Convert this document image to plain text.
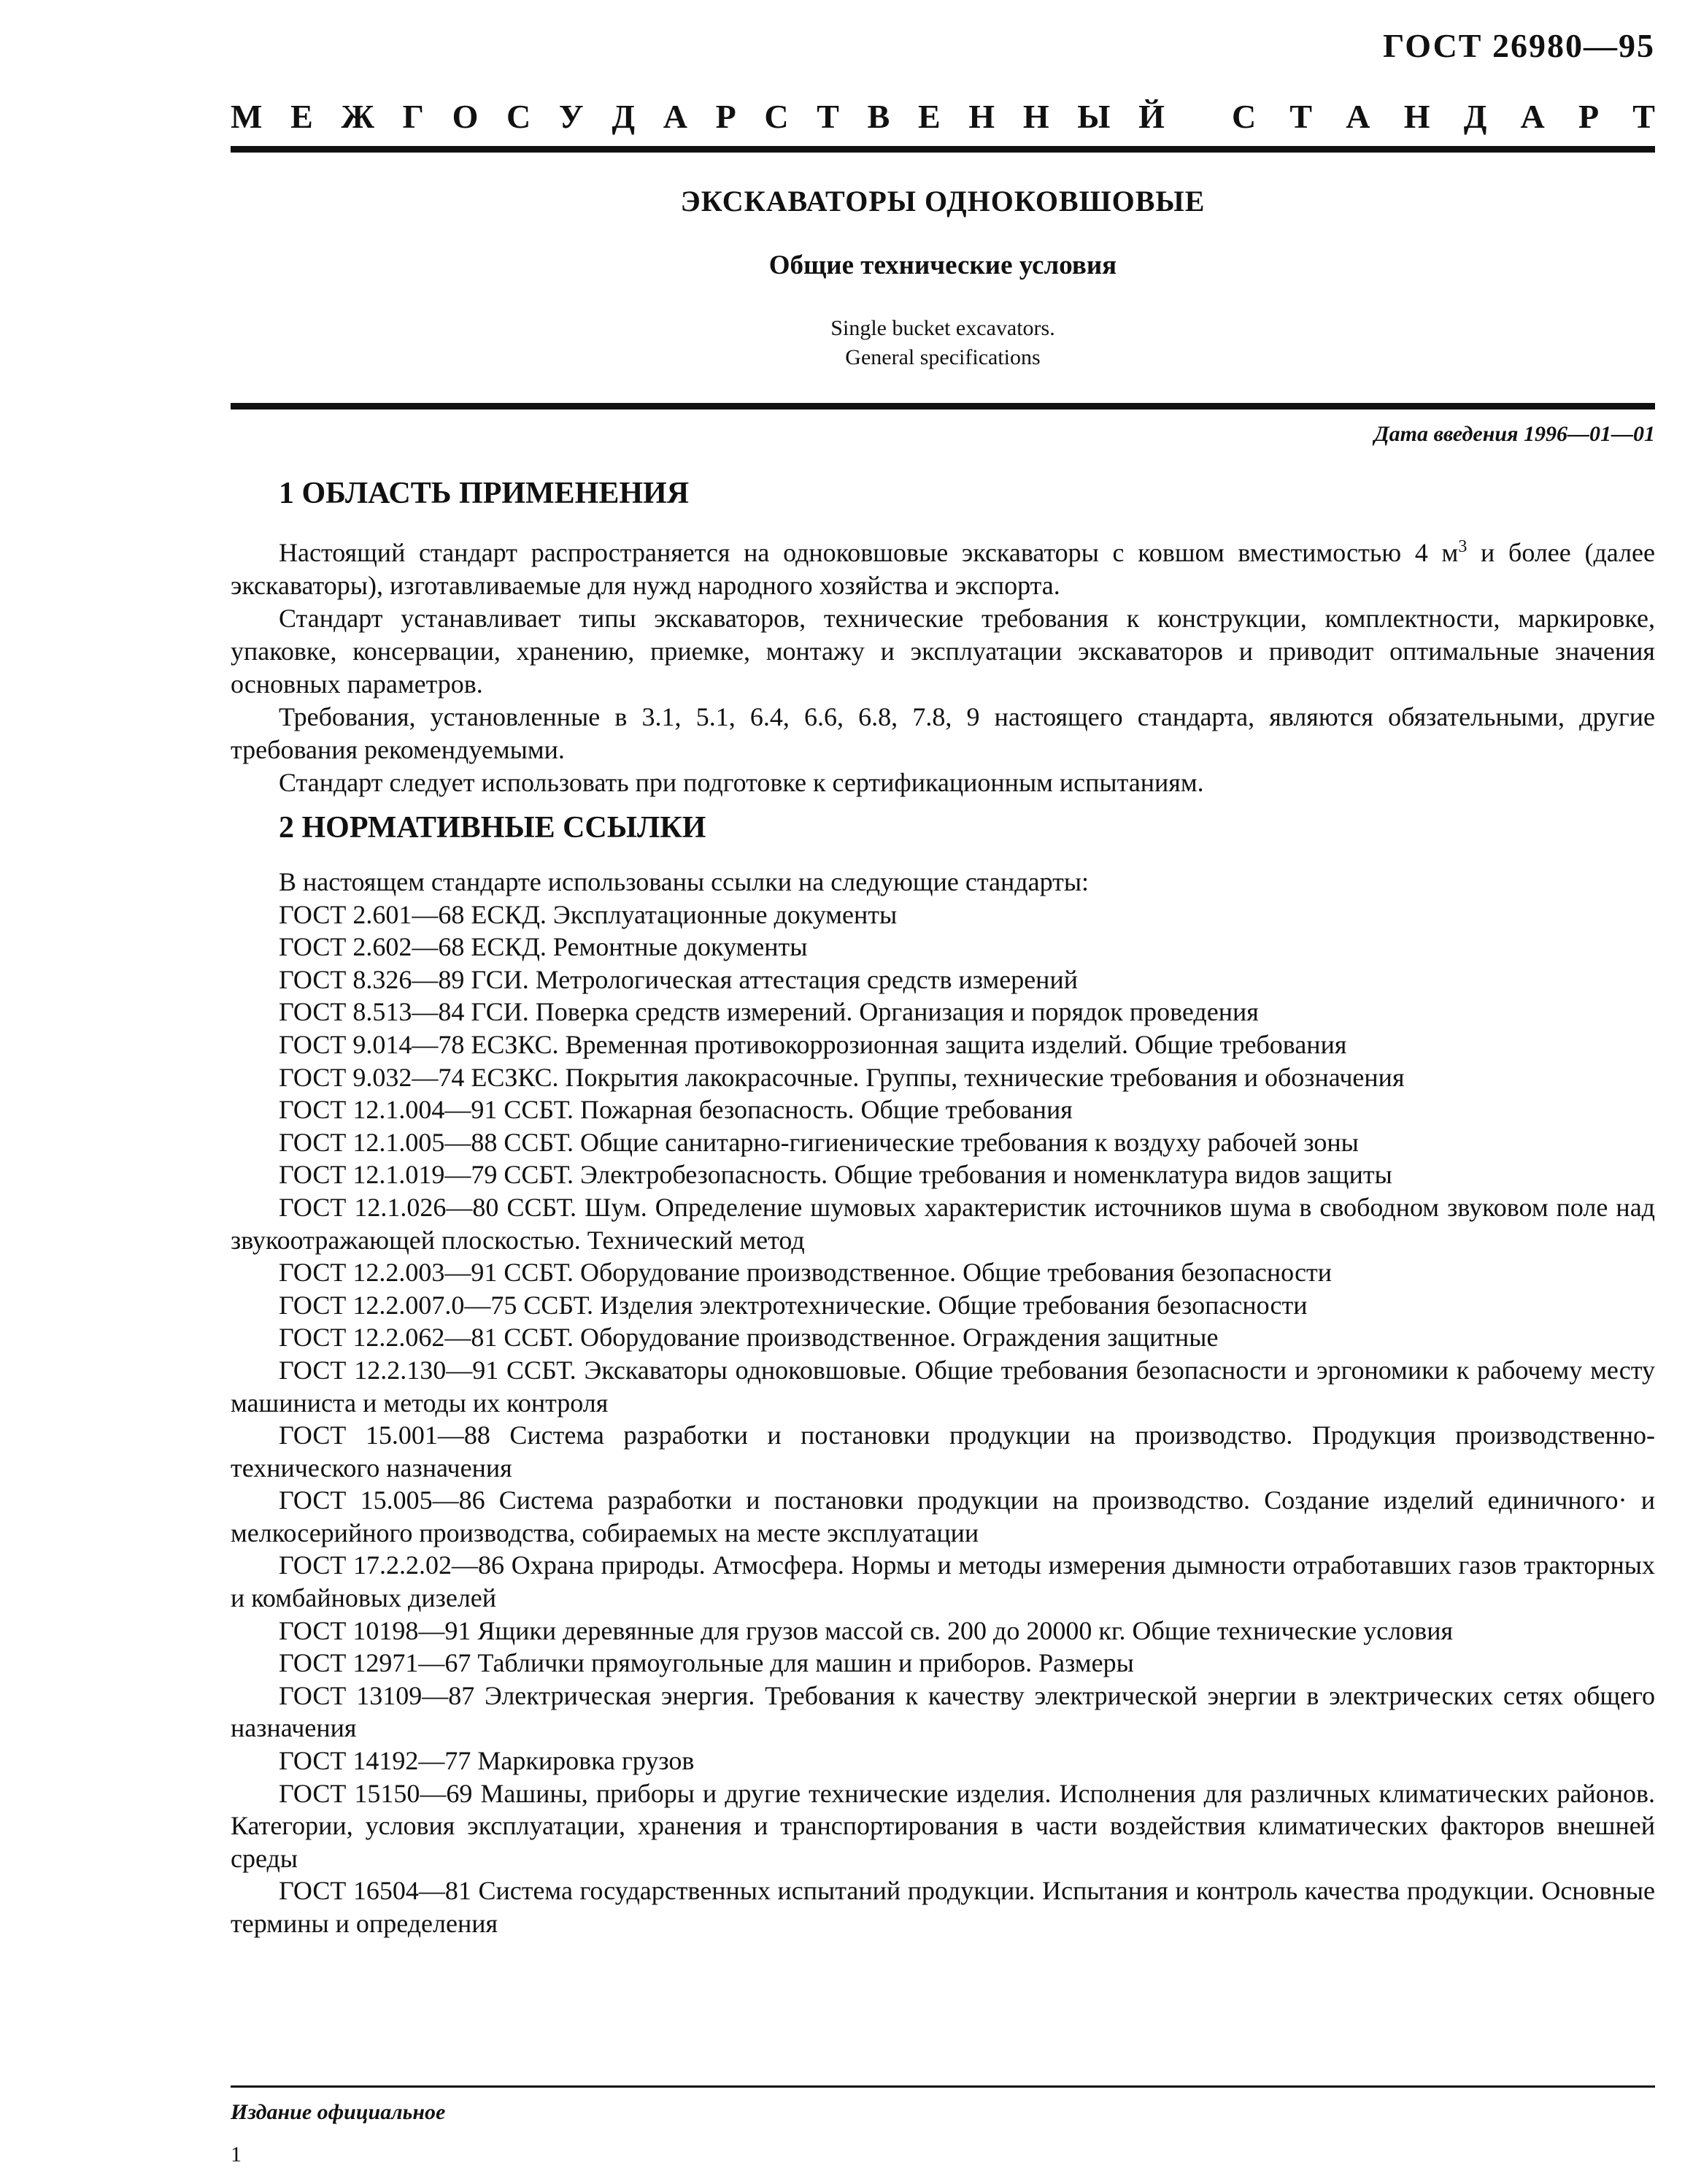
ГОСТ 26980—95
М Е Ж Г О С У Д А Р С Т В Е Н Н Ы Й С Т А Н Д А Р Т
ЭКСКАВАТОРЫ ОДНОКОВШОВЫЕ
Общие технические условия
Single bucket excavators.
General specifications
Дата введения 1996—01—01
1 ОБЛАСТЬ ПРИМЕНЕНИЯ

Настоящий стандарт распространяется на одноковшовые экскаваторы с ковшом вместимостью 4 $м^3$ и более (далее экскаваторы), изготавливаемые для нужд народного хозяйства и экспорта.

Стандарт устанавливает типы экскаваторов, технические требования к конструкции, комплектности, маркировке, упаковке, консервации, хранению, приемке, монтажу и эксплуатации экскаваторов и приводит оптимальные значения основных параметров.

Требования, установленные в 3.1, 5.1, 6.4, 6.6, 6.8, 7.8, 9 настоящего стандарта, являются обязательными, другие требования рекомендуемыми.

Стандарт следует использовать при подготовке к сертификационным испытаниям.

2 НОРМАТИВНЫЕ ССЫЛКИ

В настоящем стандарте использованы ссылки на следующие стандарты:

ГОСТ 2.601—68 ЕСКД. Эксплуатационные документы

ГОСТ 2.602—68 ЕСКД. Ремонтные документы

ГОСТ 8.326—89 ГСИ. Метрологическая аттестация средств измерений

ГОСТ 8.513—84 ГСИ. Поверка средств измерений. Организация и порядок проведения

ГОСТ 9.014—78 ЕСЗКС. Временная противокоррозионная защита изделий. Общие требования

ГОСТ 9.032—74 ЕСЗКС. Покрытия лакокрасочные. Группы, технические требования и обозначения

ГОСТ 12.1.004—91 ССБТ. Пожарная безопасность. Общие требования

ГОСТ 12.1.005—88 ССБТ. Общие санитарно-гигиенические требования к воздуху рабочей зоны

ГОСТ 12.1.019—79 ССБТ. Электробезопасность. Общие требования и номенклатура видов защиты

ГОСТ 12.1.026—80 ССБТ. Шум. Определение шумовых характеристик источников шума в свободном звуковом поле над звукоотражающей плоскостью. Технический метод

ГОСТ 12.2.003—91 ССБТ. Оборудование производственное. Общие требования безопасности

ГОСТ 12.2.007.0—75 ССБТ. Изделия электротехнические. Общие требования безопасности

ГОСТ 12.2.062—81 ССБТ. Оборудование производственное. Ограждения защитные

ГОСТ 12.2.130—91 ССБТ. Экскаваторы одноковшовые. Общие требования безопасности и эргономики к рабочему месту машиниста и методы их контроля

ГОСТ 15.001—88 Система разработки и постановки продукции на производство. Продукция производственно-технического назначения

ГОСТ 15.005—86 Система разработки и постановки продукции на производство. Создание изделий единичного· и мелкосерийного производства, собираемых на месте эксплуатации

ГОСТ 17.2.2.02—86 Охрана природы. Атмосфера. Нормы и методы измерения дымности отработавших газов тракторных и комбайновых дизелей

ГОСТ 10198—91 Ящики деревянные для грузов массой св. 200 до 20000 кг. Общие технические условия

ГОСТ 12971—67 Таблички прямоугольные для машин и приборов. Размеры

ГОСТ 13109—87 Электрическая энергия. Требования к качеству электрической энергии в электрических сетях общего назначения

ГОСТ 14192—77 Маркировка грузов

ГОСТ 15150—69 Машины, приборы и другие технические изделия. Исполнения для различных климатических районов. Категории, условия эксплуатации, хранения и транспортирования в части воздействия климатических факторов внешней среды

ГОСТ 16504—81 Система государственных испытаний продукции. Испытания и контроль качества продукции. Основные термины и определения

Издание официальное
1
